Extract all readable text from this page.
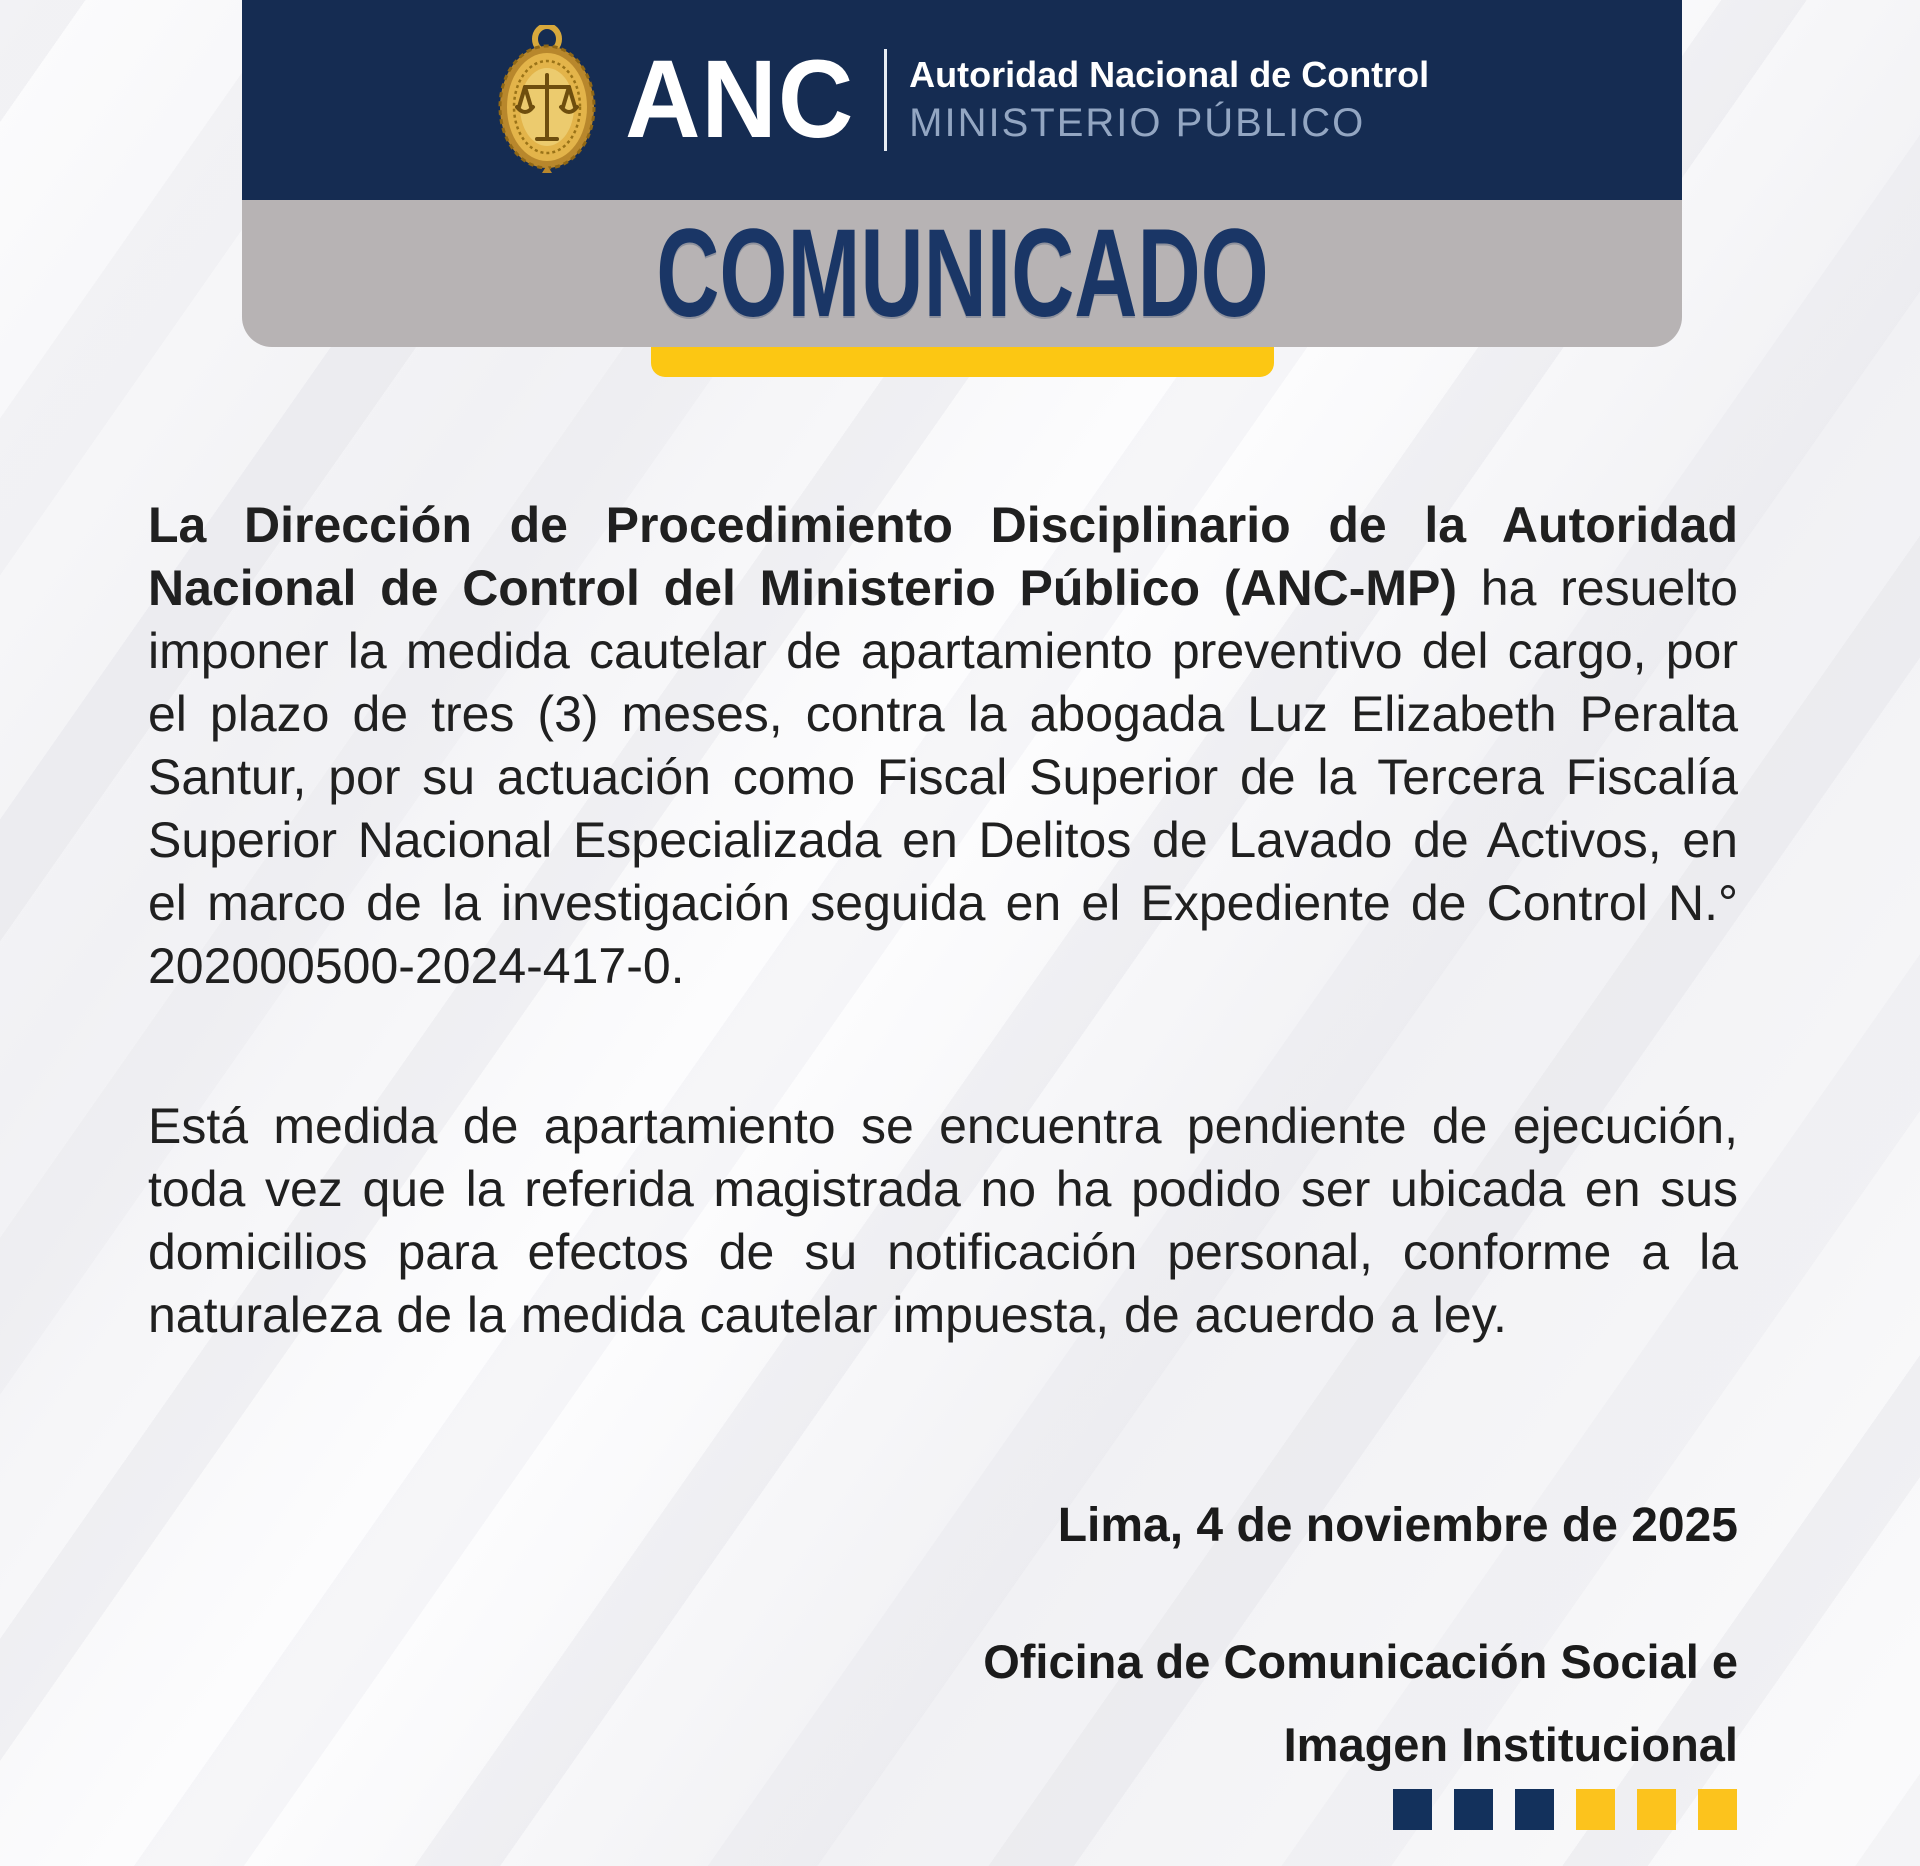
ANC Autoridad Nacional de Control
MINISTERIO PÚBLICO
COMUNICADO

La Dirección de Procedimiento Disciplinario de la Autoridad Nacional de Control del Ministerio Público (ANC-MP) ha resuelto imponer la medida cautelar de apartamiento preventivo del cargo, por el plazo de tres (3) meses, contra la abogada Luz Elizabeth Peralta Santur, por su actuación como Fiscal Superior de la Tercera Fiscalía Superior Nacional Especializada en Delitos de Lavado de Activos, en el marco de la investigación seguida en el Expediente de Control N.° 202000500-2024-417-0.

Está medida de apartamiento se encuentra pendiente de ejecución, toda vez que la referida magistrada no ha podido ser ubicada en sus domicilios para efectos de su notificación personal, conforme a la naturaleza de la medida cautelar impuesta, de acuerdo a ley.

Lima, 4 de noviembre de 2025
Oficina de Comunicación Social e
Imagen Institucional
